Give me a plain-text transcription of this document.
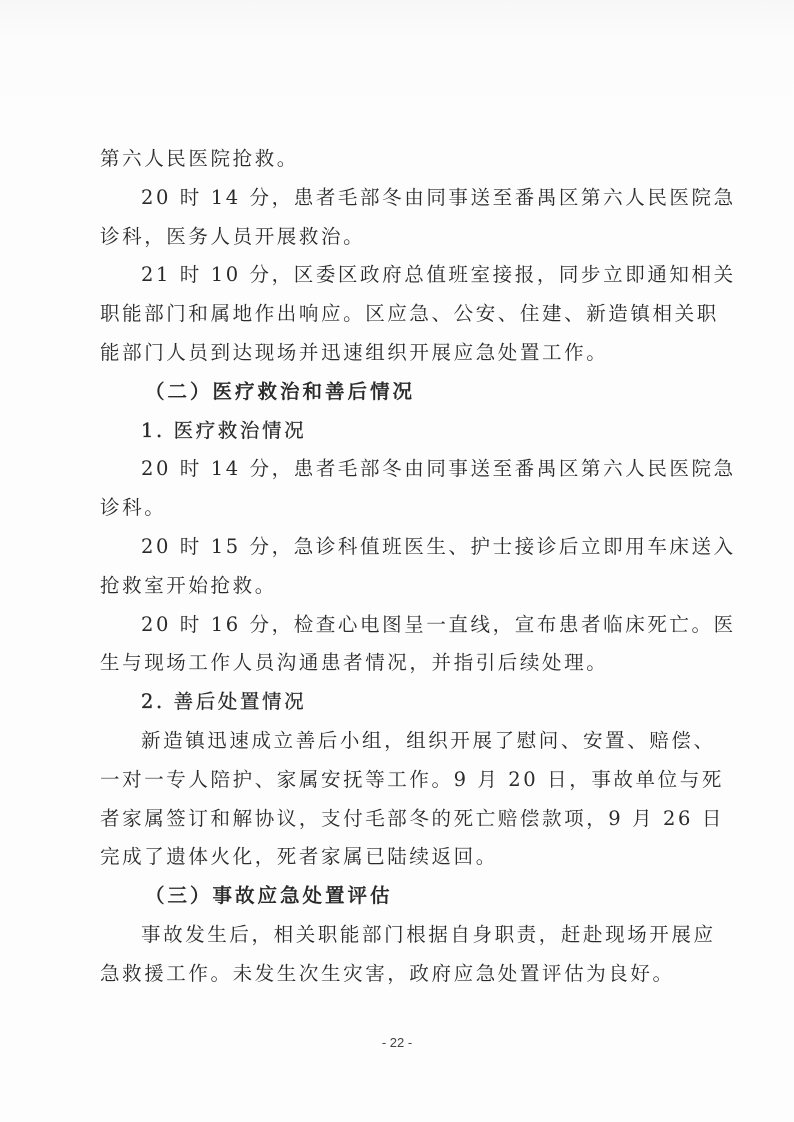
第六人民医院抢救。
20 时 14 分，患者毛部冬由同事送至番禺区第六人民医院急
诊科，医务人员开展救治。
21 时 10 分，区委区政府总值班室接报，同步立即通知相关
职能部门和属地作出响应。区应急、公安、住建、新造镇相关职
能部门人员到达现场并迅速组织开展应急处置工作。
（二）医疗救治和善后情况
1. 医疗救治情况
20 时 14 分，患者毛部冬由同事送至番禺区第六人民医院急
诊科。
20 时 15 分，急诊科值班医生、护士接诊后立即用车床送入
抢救室开始抢救。
20 时 16 分，检查心电图呈一直线，宣布患者临床死亡。医
生与现场工作人员沟通患者情况，并指引后续处理。
2. 善后处置情况
新造镇迅速成立善后小组，组织开展了慰问、安置、赔偿、
一对一专人陪护、家属安抚等工作。9 月 20 日，事故单位与死
者家属签订和解协议，支付毛部冬的死亡赔偿款项，9 月 26 日
完成了遗体火化，死者家属已陆续返回。
（三）事故应急处置评估
事故发生后，相关职能部门根据自身职责，赶赴现场开展应
急救援工作。未发生次生灾害，政府应急处置评估为良好。
- 22 -
